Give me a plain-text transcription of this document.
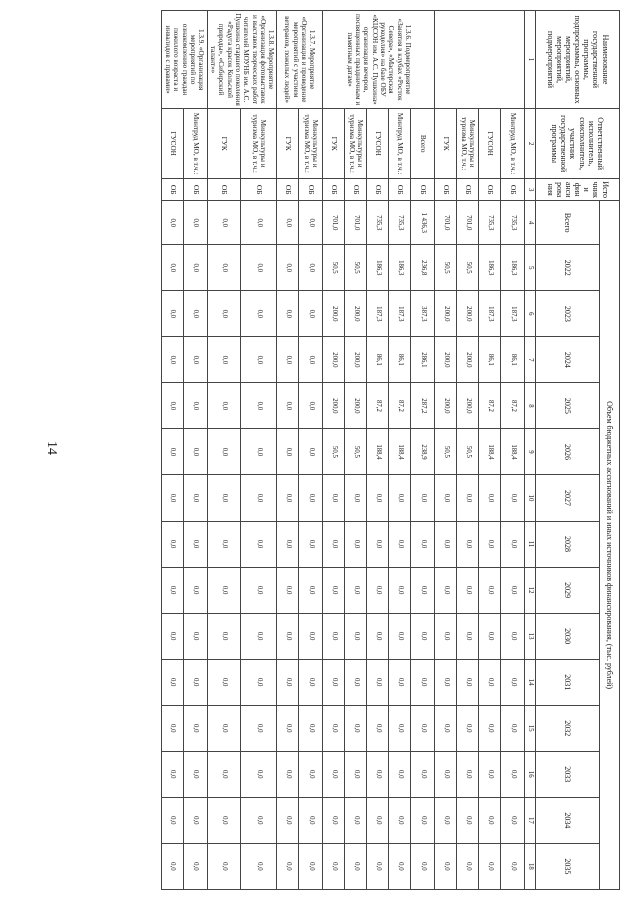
14
Наименование государственной программы, подпрограммы, основных мероприятий, мероприятий, подмероприятий	Ответственный исполнитель, соисполнитель, участник государственной программы	Источники финансирования	Объем бюджетных ассигнований и иных источников финансирования, (тыс. рублей)														
			Всего	2022	2023	2024	2025	2026	2027	2028	2029	2030	2031	2032	2033	2034	2035
1	2	3	4	5	6	7	8	9	10	11	12	13	14	15	16	17	18
	Минтруд МО, в т.ч.:	ОБ	735,3	186,3	187,3	86,1	87,2	188,4	0,0	0,0	0,0	0,0	0,0	0,0	0,0	0,0	0,0
	ГУСОН	ОБ	735,3	186,3	187,3	86,1	87,2	188,4	0,0	0,0	0,0	0,0	0,0	0,0	0,0	0,0	0,0
	Минкультуры и туризма МО, т.ч.:	ОБ	701,0	50,5	200,0	200,0	200,0	50,5	0,0	0,0	0,0	0,0	0,0	0,0	0,0	0,0	0,0
	ГУК	ОБ	701,0	50,5	200,0	200,0	200,0	50,5	0,0	0,0	0,0	0,0	0,0	0,0	0,0	0,0	0,0
1.3.6. Подмероприятие «Занятия в клубах «Росток Севера», «Мастерская рукоделия» на базе ОБУ «КЦСОН им. А.С. Пушкина» организация вечеров, посвященных праздничным и памятным датам»	Всего	ОБ	1 436,3	236,8	387,3	286,1	287,2	238,9	0,0	0,0	0,0	0,0	0,0	0,0	0,0	0,0	0,0
	Минтруд МО, в т.ч.:	ОБ	735,3	186,3	187,3	86,1	87,2	188,4	0,0	0,0	0,0	0,0	0,0	0,0	0,0	0,0	0,0
	ГУСОН	ОБ	735,3	186,3	187,3	86,1	87,2	188,4	0,0	0,0	0,0	0,0	0,0	0,0	0,0	0,0	0,0
	Минкультуры и туризма МО, в т.ч.:	ОБ	701,0	50,5	200,0	200,0	200,0	50,5	0,0	0,0	0,0	0,0	0,0	0,0	0,0	0,0	0,0
	ГУК	ОБ	701,0	50,5	200,0	200,0	200,0	50,5	0,0	0,0	0,0	0,0	0,0	0,0	0,0	0,0	0,0
1.3.7. Мероприятие «Организация и проведение мероприятий с участием ветеранов, пожилых людей»	Минкультуры и туризма МО, в т.ч.:	ОБ	0,0	0,0	0,0	0,0	0,0	0,0	0,0	0,0	0,0	0,0	0,0	0,0	0,0	0,0	0,0
	ГУК	ОБ	0,0	0,0	0,0	0,0	0,0	0,0	0,0	0,0	0,0	0,0	0,0	0,0	0,0	0,0	0,0
1.3.8. Мероприятие «Организация фотовыставок и выставок творческих работ читателей МОУНБ им. А.С. Пушкина старшего поколения «Радуга красок Кольской природы», «Сибирский талант»»	Минкультуры и туризма МО, в т.ч.:	ОБ	0,0	0,0	0,0	0,0	0,0	0,0	0,0	0,0	0,0	0,0	0,0	0,0	0,0	0,0	0,0
	ГУК	ОБ	0,0	0,0	0,0	0,0	0,0	0,0	0,0	0,0	0,0	0,0	0,0	0,0	0,0	0,0	0,0
1.3.9. «Организация мероприятий по ознакомлению граждан пожилого возраста и инвалидов с правами»	Минтруд МО, в т.ч.:	ОБ	0,0	0,0	0,0	0,0	0,0	0,0	0,0	0,0	0,0	0,0	0,0	0,0	0,0	0,0	0,0
	ГУСОН	ОБ	0,0	0,0	0,0	0,0	0,0	0,0	0,0	0,0	0,0	0,0	0,0	0,0	0,0	0,0	0,0
